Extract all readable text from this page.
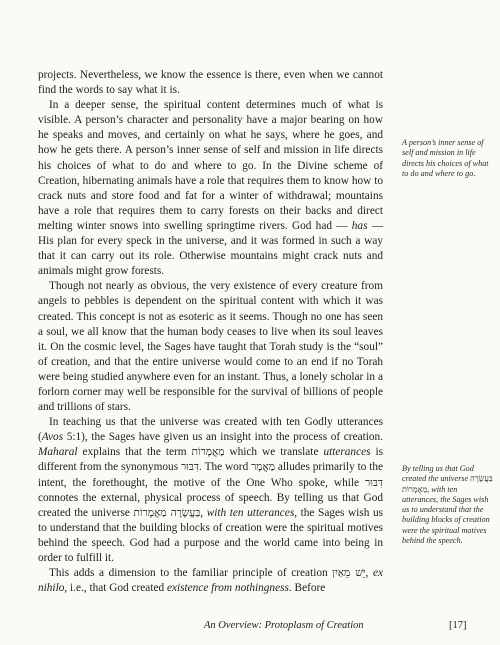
projects. Nevertheless, we know the essence is there, even when we cannot find the words to say what it is.

In a deeper sense, the spiritual content determines much of what is visible. A person’s character and personality have a major bearing on how he speaks and moves, and certainly on what he says, where he goes, and how he gets there. A person’s inner sense of self and mission in life directs his choices of what to do and where to go. In the Divine scheme of Creation, hibernating animals have a role that requires them to know how to crack nuts and store food and fat for a winter of withdrawal; mountains have a role that requires them to carry forests on their backs and direct melting winter snows into swelling springtime rivers. God had — has — His plan for every speck in the universe, and it was formed in such a way that it can carry out its role. Otherwise mountains might crack nuts and animals might grow forests.

Though not nearly as obvious, the very existence of every creature from angels to pebbles is dependent on the spiritual content with which it was created. This concept is not as esoteric as it seems. Though no one has seen a soul, we all know that the human body ceases to live when its soul leaves it. On the cosmic level, the Sages have taught that Torah study is the “soul” of creation, and that the entire universe would come to an end if no Torah were being studied anywhere even for an instant. Thus, a lonely scholar in a forlorn corner may well be responsible for the survival of billions of people and trillions of stars.

In teaching us that the universe was created with ten Godly utterances (Avos 5:1), the Sages have given us an insight into the process of creation. Maharal explains that the term מַאֲמָרוֹת which we translate utterances is different from the synonymous דִּבּוּר. The word מַאֲמָר alludes primarily to the intent, the forethought, the motive of the One Who spoke, while דִּבּוּר connotes the external, physical process of speech. By telling us that God created the universe בַּעֲשָׂרָה מַאֲמָרוֹת, with ten utterances, the Sages wish us to understand that the building blocks of creation were the spiritual motives behind the speech. God had a purpose and the world came into being in order to fulfill it.

This adds a dimension to the familiar principle of creation יֵשׁ מֵאַיִן, ex nihilo, i.e., that God created existence from nothingness. Before

A person’s inner sense of self and mission in life directs his choices of what to do and where to go.
By telling us that God created the universe בַּעֲשָׂרָה מַאֲמָרוֹת, with ten utterances, the Sages wish us to understand that the building blocks of creation were the spiritual motives behind the speech.
An Overview: Protoplasm of Creation	[17]
